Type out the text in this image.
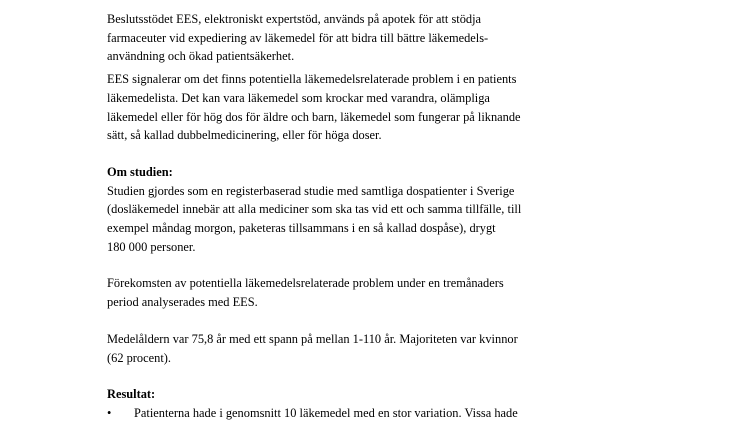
Beslutsstödet EES, elektroniskt expertstöd, används på apotek för att stödja
farmaceuter vid expediering av läkemedel för att bidra till bättre läkemedels-
användning och ökad patientsäkerhet.
EES signalerar om det finns potentiella läkemedelsrelaterade problem i en patients
läkemedelista. Det kan vara läkemedel som krockar med varandra, olämpliga
läkemedel eller för hög dos för äldre och barn, läkemedel som fungerar på liknande
sätt, så kallad dubbelmedicinering, eller för höga doser.
Om studien:
Studien gjordes som en registerbaserad studie med samtliga dospatienter i Sverige
(dosläkemedel innebär att alla mediciner som ska tas vid ett och samma tillfälle, till
exempel måndag morgon, paketeras tillsammans i en så kallad dospåse), drygt
180 000 personer.
Förekomsten av potentiella läkemedelsrelaterade problem under en tremånaders
period analyserades med EES.
Medelåldern var 75,8 år med ett spann på mellan 1-110 år. Majoriteten var kvinnor
(62 procent).
Resultat:
•	Patienterna hade i genomsnitt 10 läkemedel med en stor variation. Vissa hade
